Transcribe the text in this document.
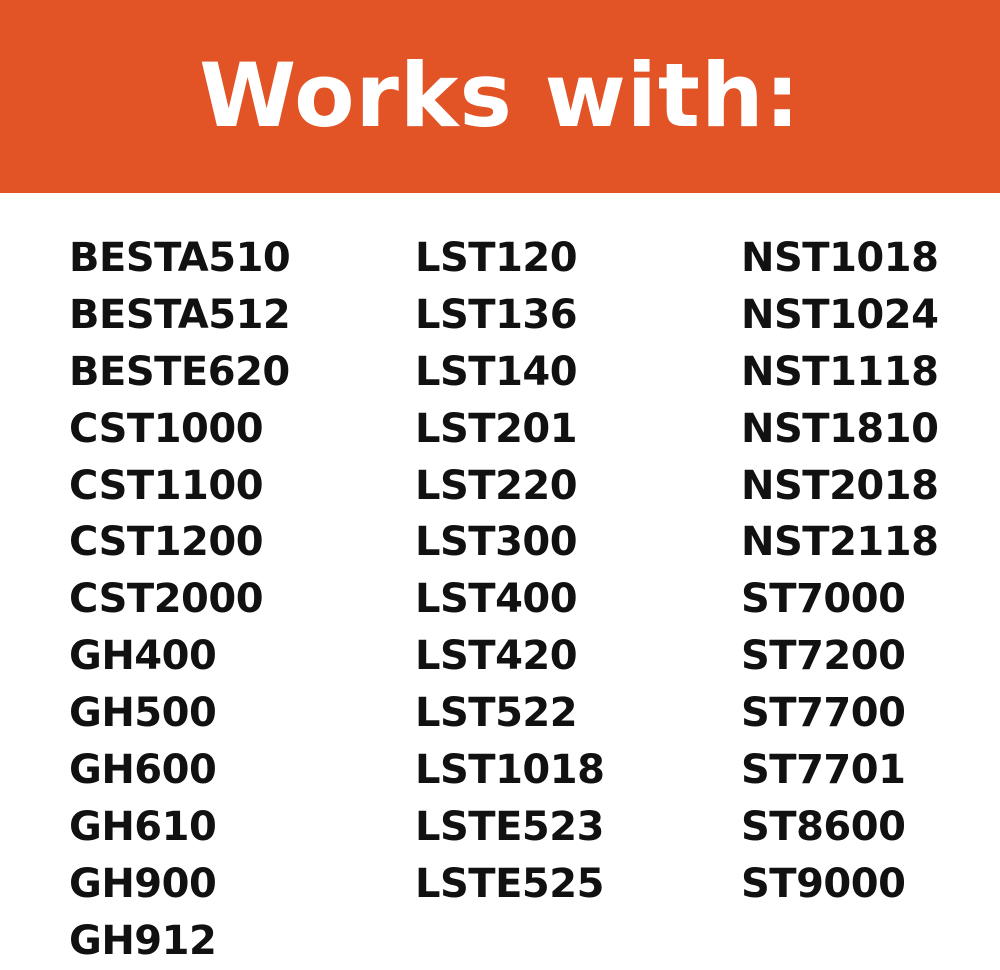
Works with:
BESTA510
BESTA512
BESTE620
CST1000
CST1100
CST1200
CST2000
GH400
GH500
GH600
GH610
GH900
GH912
LST120
LST136
LST140
LST201
LST220
LST300
LST400
LST420
LST522
LST1018
LSTE523
LSTE525
NST1018
NST1024
NST1118
NST1810
NST2018
NST2118
ST7000
ST7200
ST7700
ST7701
ST8600
ST9000
